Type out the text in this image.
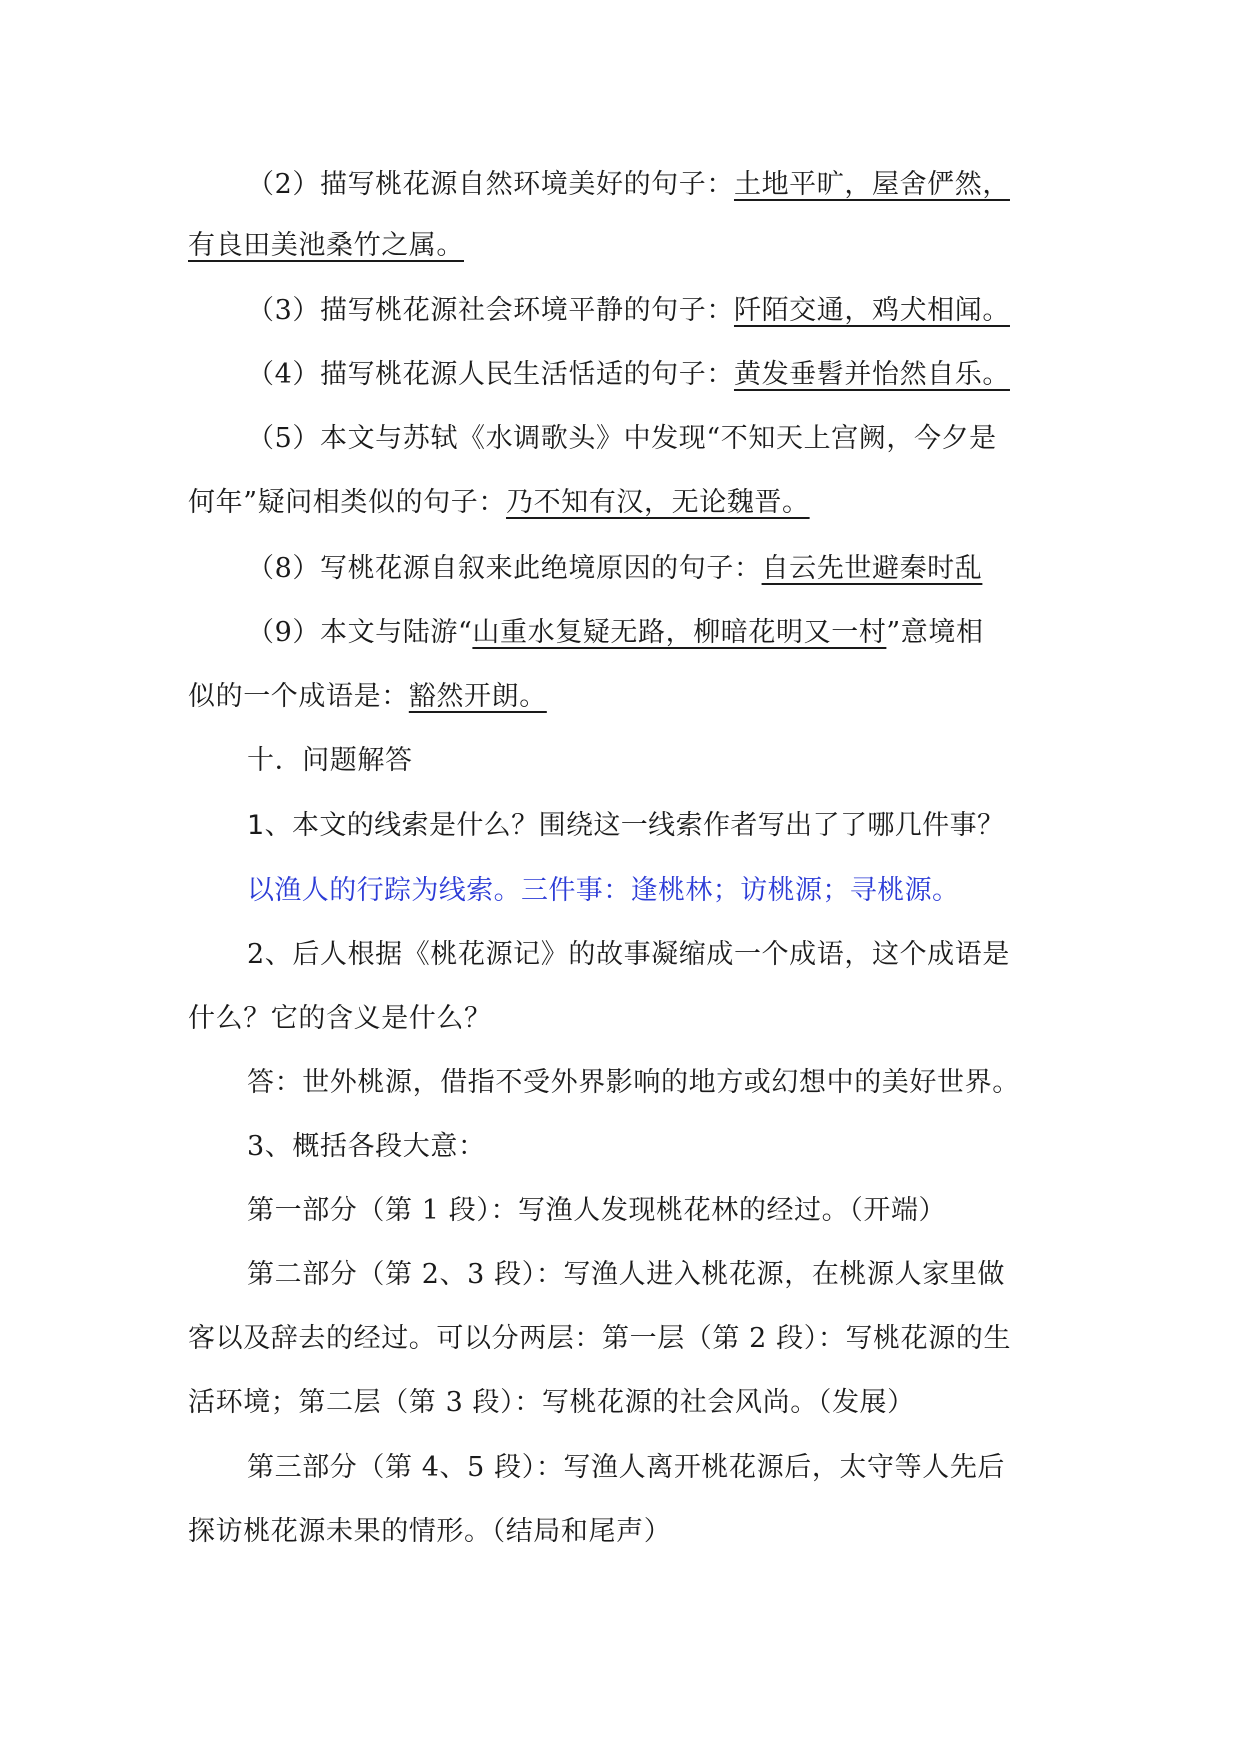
（2）描写桃花源自然环境美好的句子：土地平旷，屋舍俨然，
有良田美池桑竹之属。
（3）描写桃花源社会环境平静的句子：阡陌交通，鸡犬相闻。
（4）描写桃花源人民生活恬适的句子：黄发垂髫并怡然自乐。
（5）本文与苏轼《水调歌头》中发现“不知天上宫阙，今夕是
何年”疑问相类似的句子：乃不知有汉，无论魏晋。
（8）写桃花源自叙来此绝境原因的句子：自云先世避秦时乱
（9）本文与陆游“山重水复疑无路，柳暗花明又一村”意境相
似的一个成语是：豁然开朗。
十．问题解答
1、本文的线索是什么？围绕这一线索作者写出了了哪几件事？
以渔人的行踪为线索。三件事：逢桃林；访桃源；寻桃源。
2、后人根据《桃花源记》的故事凝缩成一个成语，这个成语是
什么？它的含义是什么？
答：世外桃源，借指不受外界影响的地方或幻想中的美好世界。
3、概括各段大意：
第一部分（第 1 段）：写渔人发现桃花林的经过。（开端）
第二部分（第 2、3 段）：写渔人进入桃花源，在桃源人家里做
客以及辞去的经过。可以分两层：第一层（第 2 段）：写桃花源的生
活环境；第二层（第 3 段）：写桃花源的社会风尚。（发展）
第三部分（第 4、5 段）：写渔人离开桃花源后，太守等人先后
探访桃花源未果的情形。（结局和尾声）
